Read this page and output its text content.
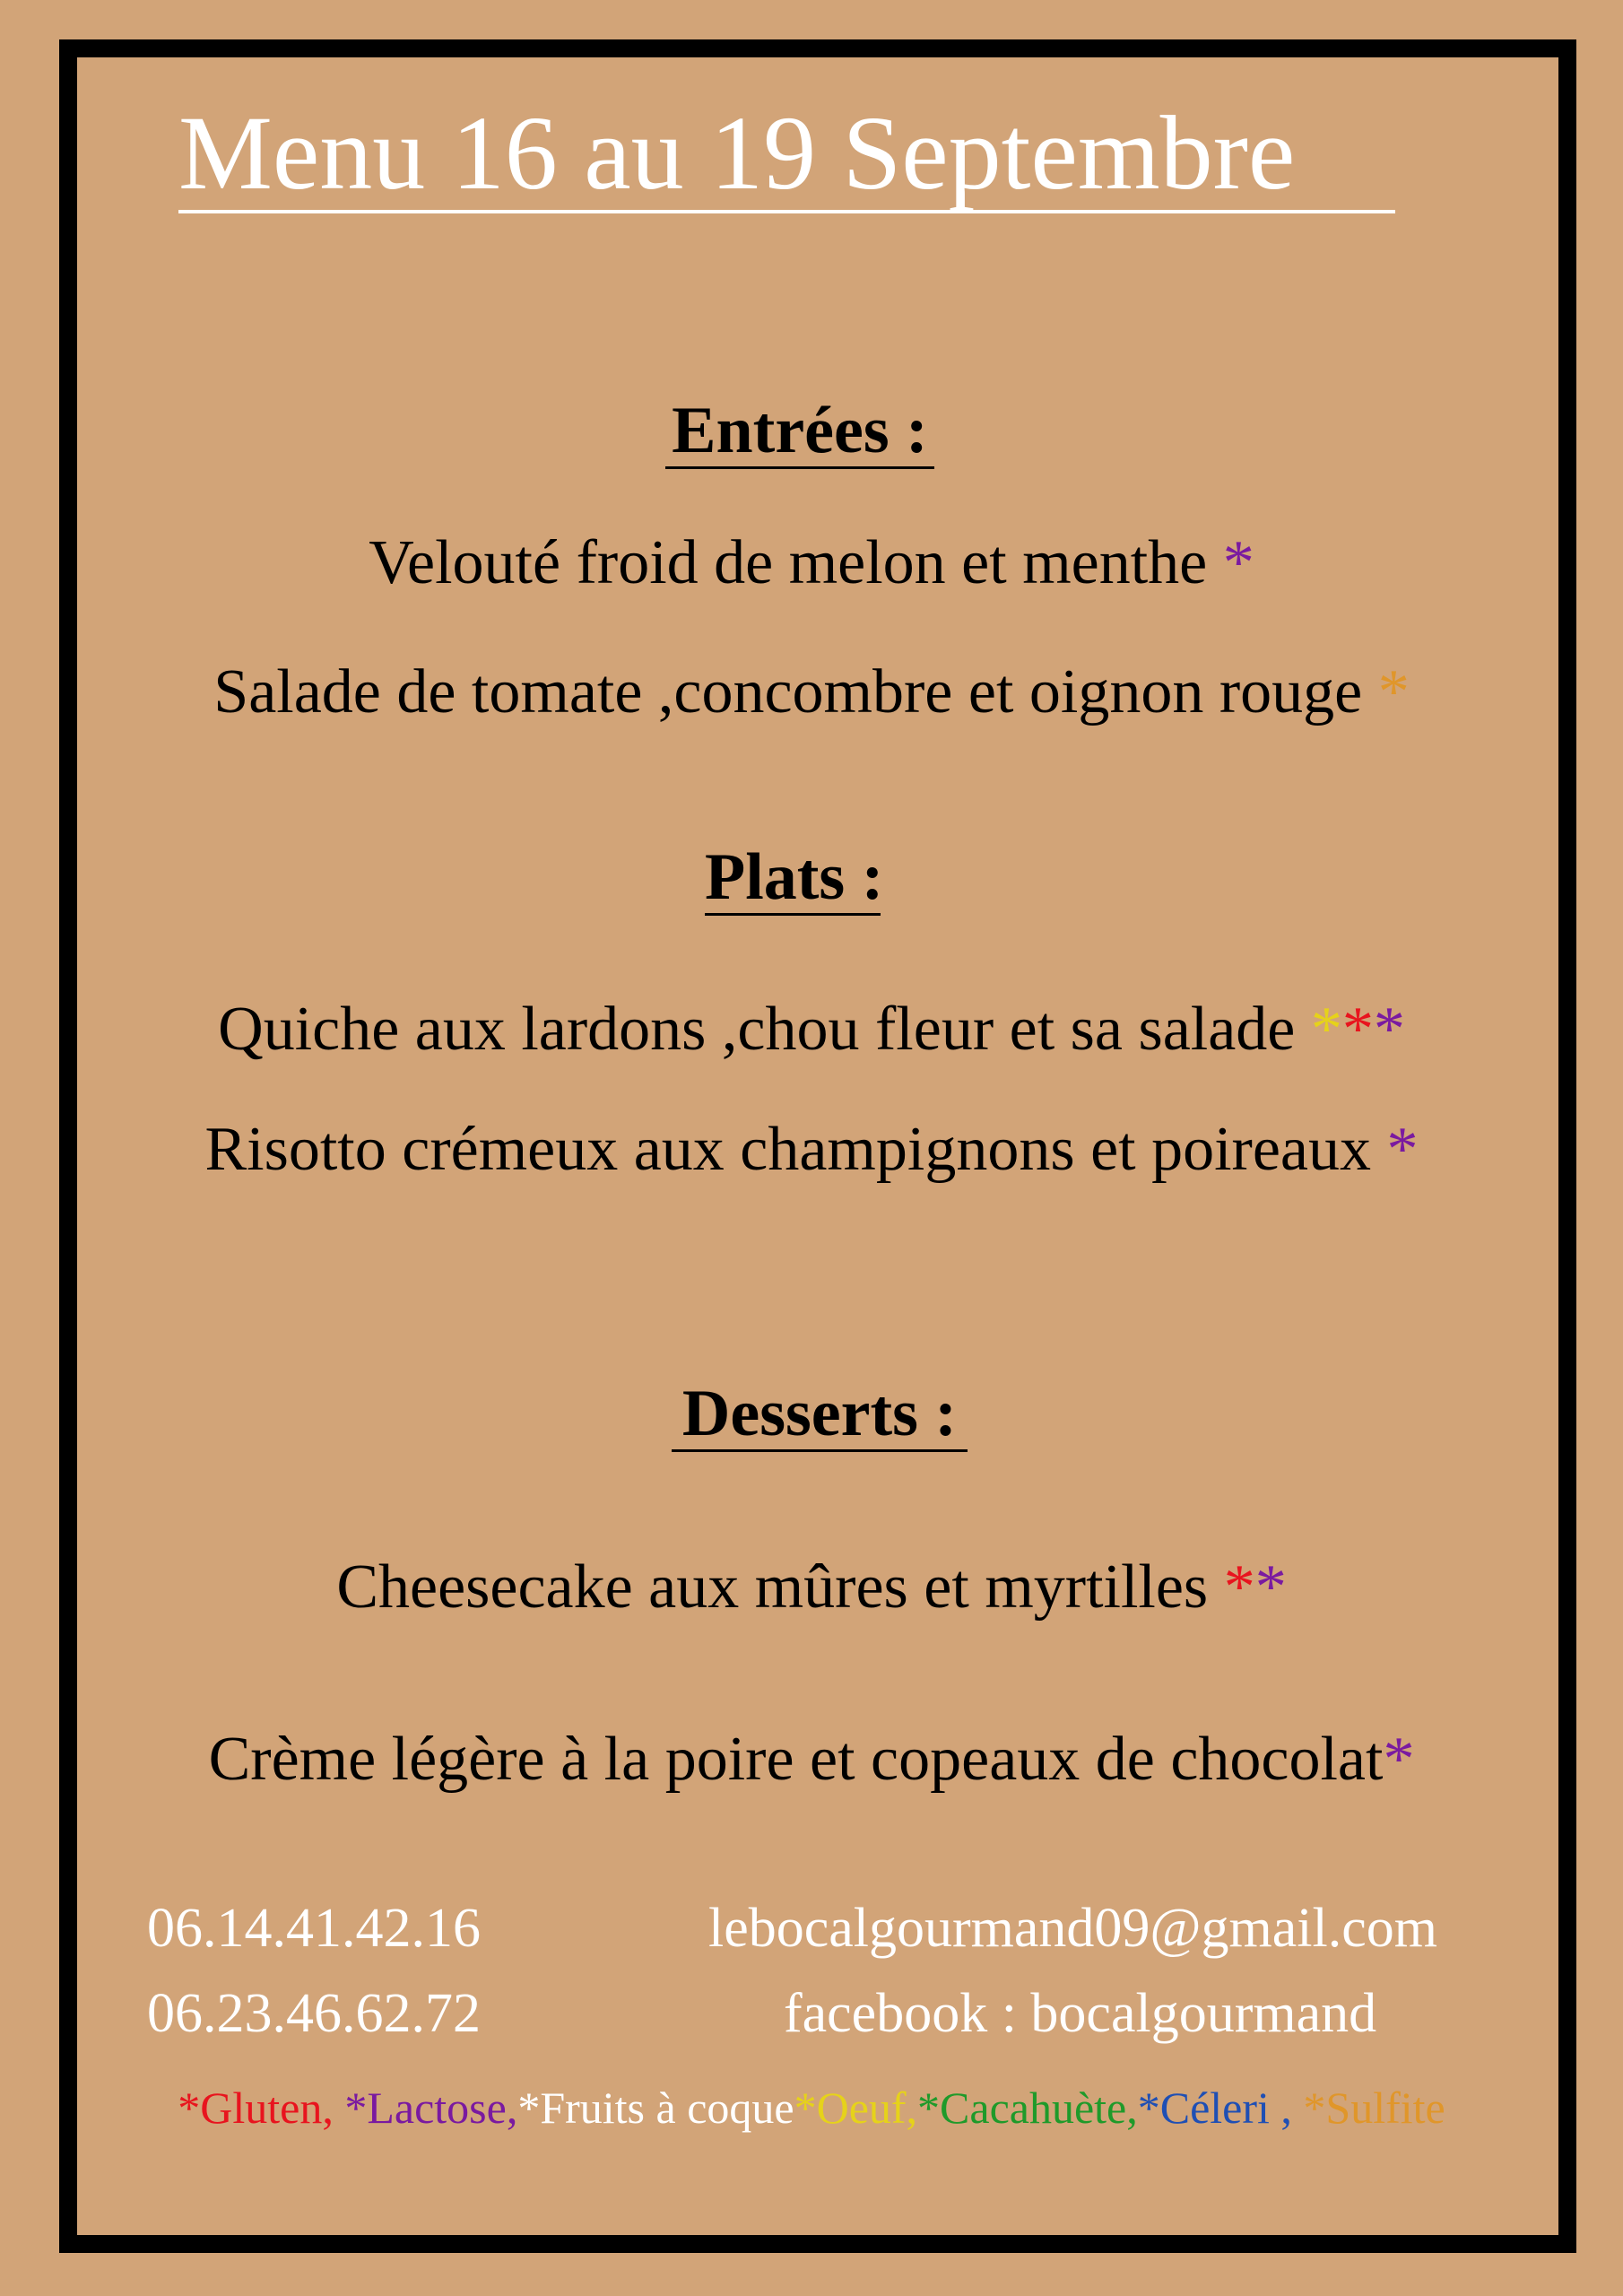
Menu 16 au 19 Septembre
Entrées :
Velouté froid de melon et menthe *
Salade de tomate ,concombre et oignon rouge *
Plats :
Quiche aux lardons ,chou fleur et sa salade ***
Risotto crémeux aux champignons et poireaux *
Desserts :
Cheesecake aux mûres et myrtilles **
Crème légère à la poire et copeaux de chocolat*
06.14.41.42.16
06.23.46.62.72
lebocalgourmand09@gmail.com
facebook : bocalgourmand
*Gluten, *Lactose,*Fruits à coque*Oeuf,*Cacahuète,*Céleri , *Sulfite
